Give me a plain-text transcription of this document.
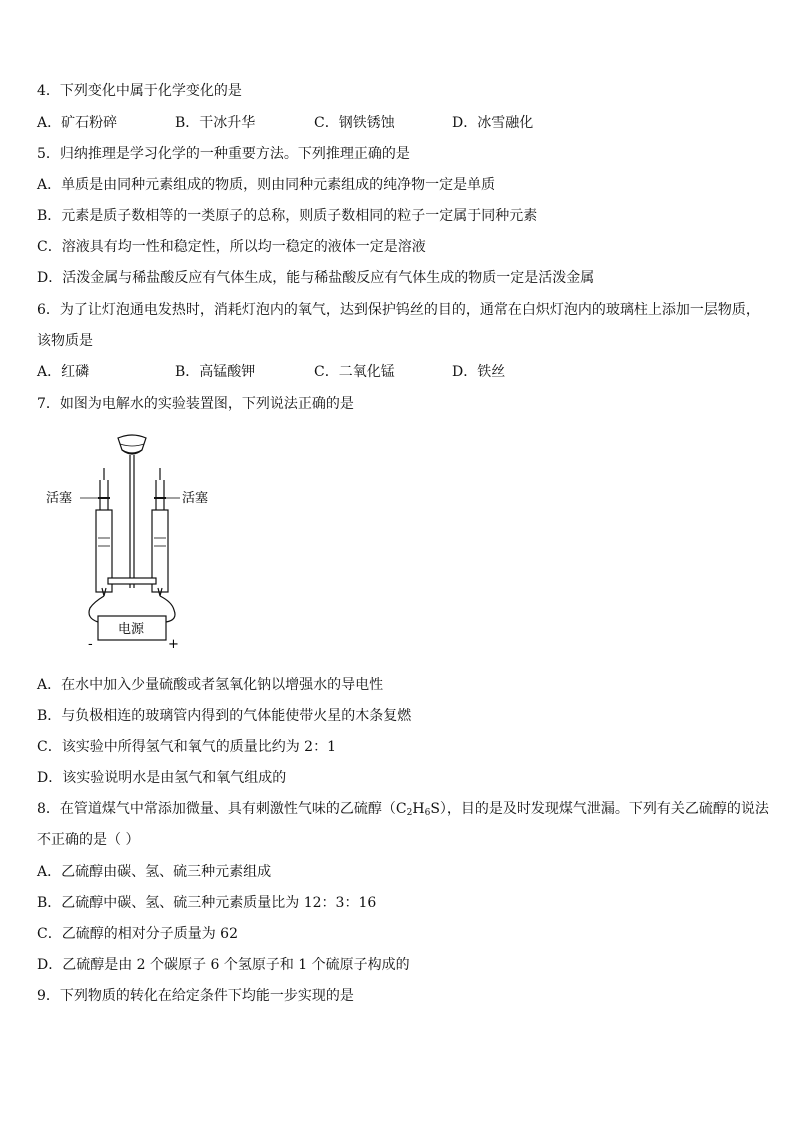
4．下列变化中属于化学变化的是
A．矿石粉碎	B．干冰升华	C．钢铁锈蚀	D．冰雪融化
5．归纳推理是学习化学的一种重要方法。下列推理正确的是
A．单质是由同种元素组成的物质，则由同种元素组成的纯净物一定是单质
B．元素是质子数相等的一类原子的总称，则质子数相同的粒子一定属于同种元素
C．溶液具有均一性和稳定性，所以均一稳定的液体一定是溶液
D．活泼金属与稀盐酸反应有气体生成，能与稀盐酸反应有气体生成的物质一定是活泼金属
6．为了让灯泡通电发热时，消耗灯泡内的氧气，达到保护钨丝的目的，通常在白炽灯泡内的玻璃柱上添加一层物质，
该物质是
A．红磷	B．高锰酸钾	C．二氧化锰	D．铁丝
7．如图为电解水的实验装置图，下列说法正确的是
活塞	活塞
电源
-	+
A．在水中加入少量硫酸或者氢氧化钠以增强水的导电性
B．与负极相连的玻璃管内得到的气体能使带火星的木条复燃
C．该实验中所得氢气和氧气的质量比约为 2：1
D．该实验说明水是由氢气和氧气组成的
8．在管道煤气中常添加微量、具有刺激性气味的乙硫醇$(C_2H_6S)$，目的是及时发现煤气泄漏。下列有关乙硫醇的说法
不正确的是（ ）
A．乙硫醇由碳、氢、硫三种元素组成
B．乙硫醇中碳、氢、硫三种元素质量比为 12：3：16
C．乙硫醇的相对分子质量为 62
D．乙硫醇是由 2 个碳原子 6 个氢原子和 1 个硫原子构成的
9．下列物质的转化在给定条件下均能一步实现的是
